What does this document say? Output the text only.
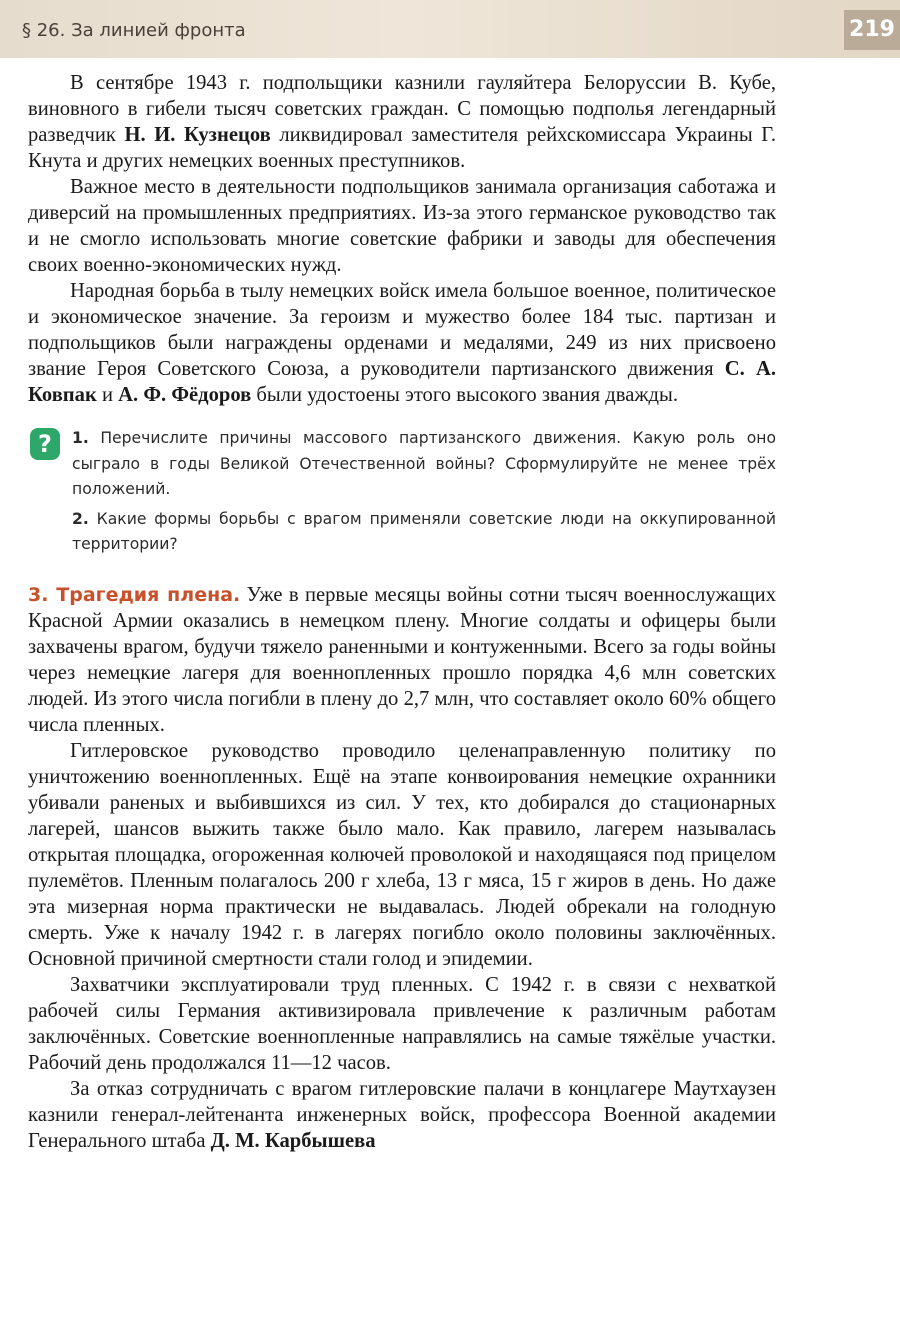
§ 26. За линией фронта	219

В сентябре 1943 г. подпольщики казнили гауляйтера Белоруссии В. Кубе, виновного в гибели тысяч советских граждан. С помощью подполья легендарный разведчик Н. И. Кузнецов ликвидировал заместителя рейхскомиссара Украины Г. Кнута и других немецких военных преступников.

Важное место в деятельности подпольщиков занимала организация саботажа и диверсий на промышленных предприятиях. Из-за этого германское руководство так и не смогло использовать многие советские фабрики и заводы для обеспечения своих военно-экономических нужд.

Народная борьба в тылу немецких войск имела большое военное, политическое и экономическое значение. За героизм и мужество более 184 тыс. партизан и подпольщиков были награждены орденами и медалями, 249 из них присвоено звание Героя Советского Союза, а руководители партизанского движения С. А. Ковпак и А. Ф. Фёдоров были удостоены этого высокого звания дважды.

?	1. Перечислите причины массового партизанского движения. Какую роль оно сыграло в годы Великой Отечественной войны? Сформулируйте не менее трёх положений.

2. Какие формы борьбы с врагом применяли советские люди на оккупированной территории?

3. Трагедия плена. Уже в первые месяцы войны сотни тысяч военнослужащих Красной Армии оказались в немецком плену. Многие солдаты и офицеры были захвачены врагом, будучи тяжело раненными и контуженными. Всего за годы войны через немецкие лагеря для военнопленных прошло порядка 4,6 млн советских людей. Из этого числа погибли в плену до 2,7 млн, что составляет около 60% общего числа пленных.

Гитлеровское руководство проводило целенаправленную политику по уничтожению военнопленных. Ещё на этапе конвоирования немецкие охранники убивали раненых и выбившихся из сил. У тех, кто добирался до стационарных лагерей, шансов выжить также было мало. Как правило, лагерем называлась открытая площадка, огороженная колючей проволокой и находящаяся под прицелом пулемётов. Пленным полагалось 200 г хлеба, 13 г мяса, 15 г жиров в день. Но даже эта мизерная норма практически не выдавалась. Людей обрекали на голодную смерть. Уже к началу 1942 г. в лагерях погибло около половины заключённых. Основной причиной смертности стали голод и эпидемии.

Захватчики эксплуатировали труд пленных. С 1942 г. в связи с нехваткой рабочей силы Германия активизировала привлечение к различным работам заключённых. Советские военнопленные направлялись на самые тяжёлые участки. Рабочий день продолжался 11—12 часов.

За отказ сотрудничать с врагом гитлеровские палачи в концлагере Маутхаузен казнили генерал-лейтенанта инженерных войск, профессора Военной академии Генерального штаба Д. М. Карбышева
